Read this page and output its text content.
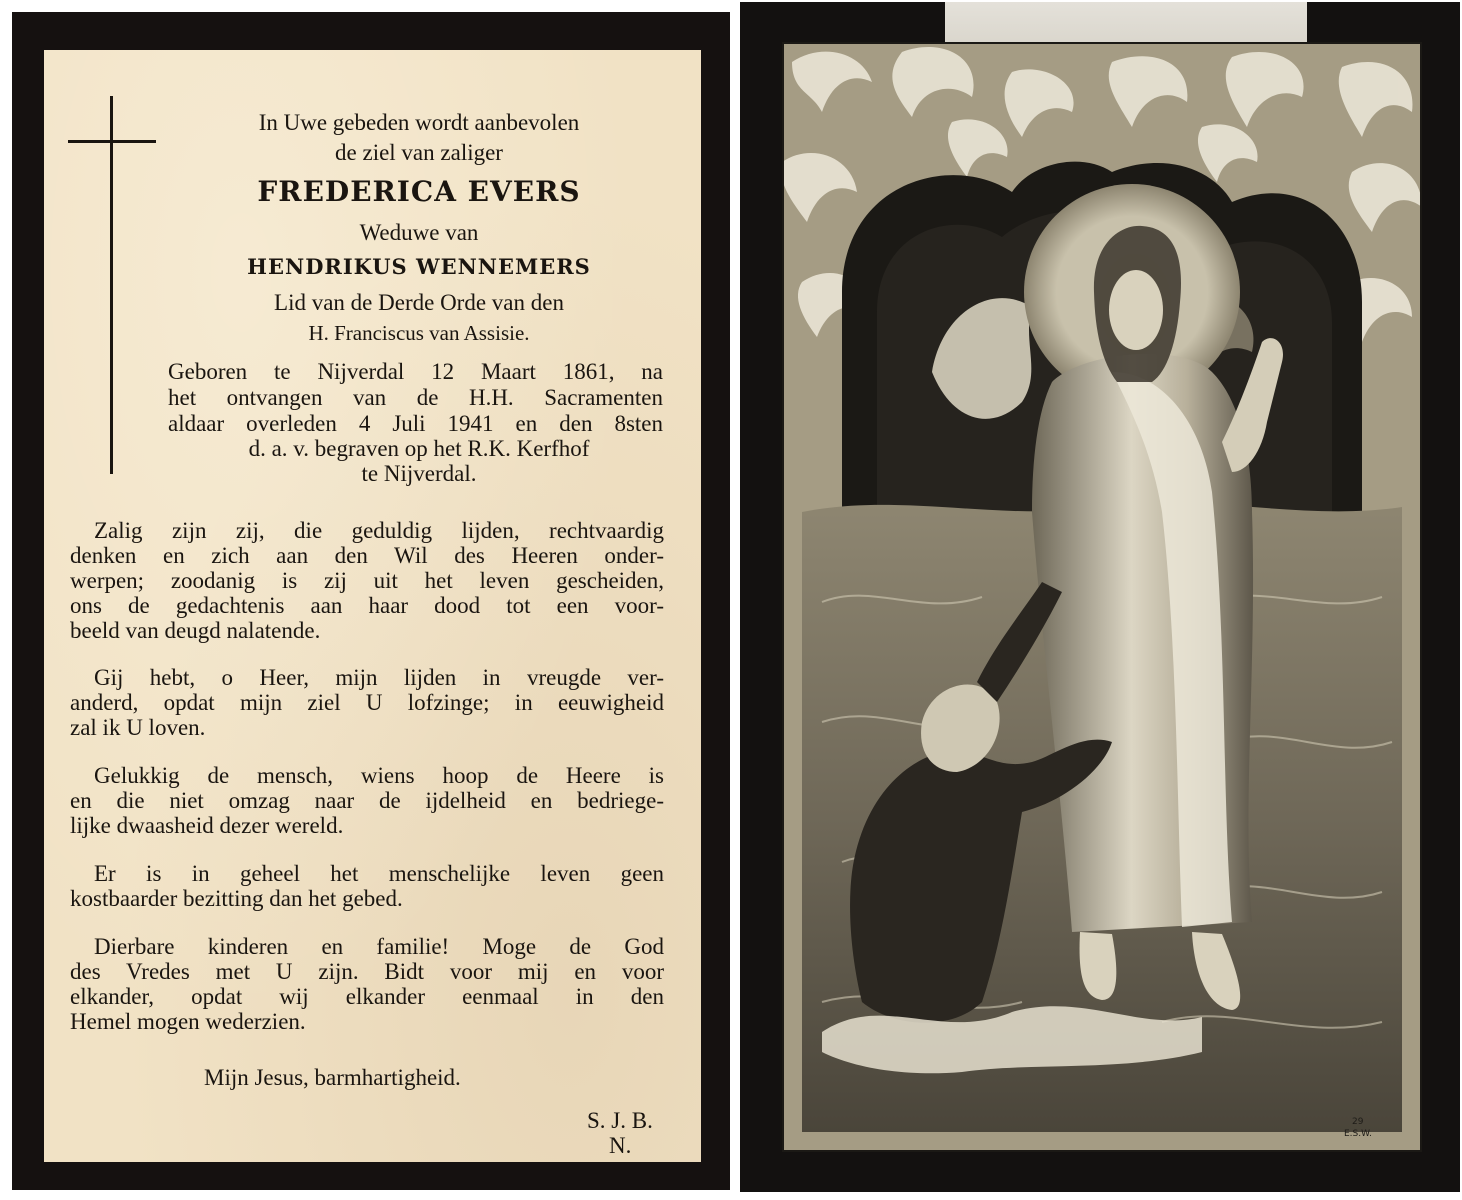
In Uwe gebeden wordt aanbevolen
de ziel van zaliger
FREDERICA EVERS
Weduwe van
HENDRIKUS WENNEMERS
Lid van de Derde Orde van den
H. Franciscus van Assisie.
Geboren te Nijverdal 12 Maart 1861, na
het ontvangen van de H.H. Sacramenten
aldaar overleden 4 Juli 1941 en den 8sten
d. a. v. begraven op het R.K. Kerfhof
te Nijverdal.
Zalig zijn zij, die geduldig lijden, rechtvaardig
denken en zich aan den Wil des Heeren onder-
werpen; zoodanig is zij uit het leven gescheiden,
ons de gedachtenis aan haar dood tot een voor-
beeld van deugd nalatende.
Gij hebt, o Heer, mijn lijden in vreugde ver-
anderd, opdat mijn ziel U lofzinge; in eeuwigheid
zal ik U loven.
Gelukkig de mensch, wiens hoop de Heere is
en die niet omzag naar de ijdelheid en bedriege-
lijke dwaasheid dezer wereld.
Er is in geheel het menschelijke leven geen
kostbaarder bezitting dan het gebed.
Dierbare kinderen en familie! Moge de God
des Vredes met U zijn. Bidt voor mij en voor
elkander, opdat wij elkander eenmaal in den
Hemel mogen wederzien.
Mijn Jesus, barmhartigheid.
S. J. B.
N.
29
E.S.W.
